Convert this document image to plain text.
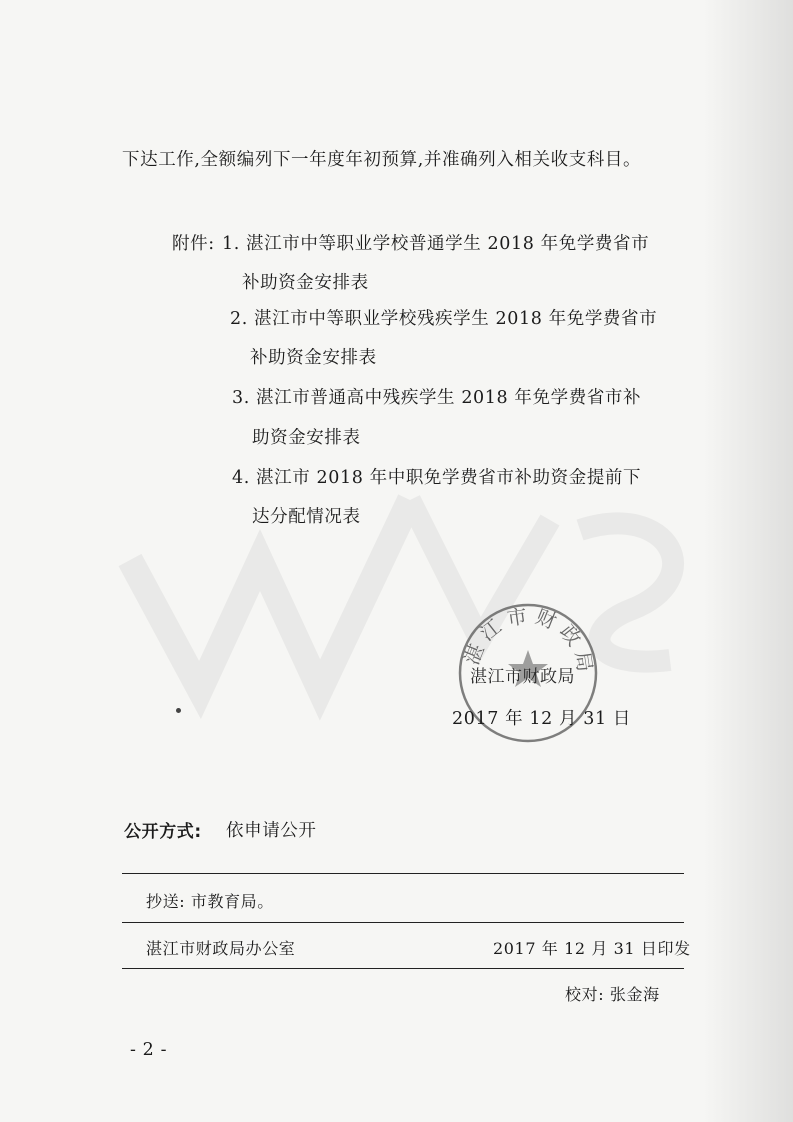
下达工作,全额编列下一年度年初预算,并准确列入相关收支科目。
附件: 1. 湛江市中等职业学校普通学生 2018 年免学费省市
补助资金安排表
2. 湛江市中等职业学校残疾学生 2018 年免学费省市
补助资金安排表
3. 湛江市普通高中残疾学生 2018 年免学费省市补
助资金安排表
4. 湛江市 2018 年中职免学费省市补助资金提前下
达分配情况表
湛江市财政局
湛江市财政局
2017 年 12 月 31 日
公开方式: 依申请公开
抄送: 市教育局。
湛江市财政局办公室	2017 年 12 月 31 日印发
校对: 张金海
- 2 -
